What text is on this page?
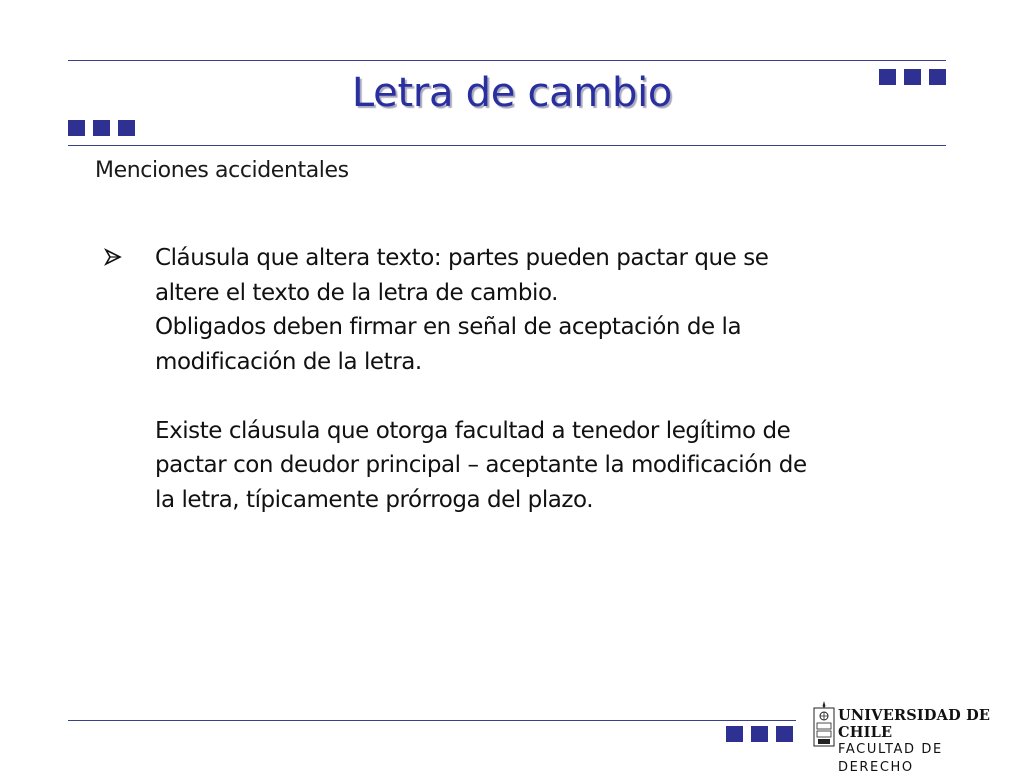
Letra de cambio
Menciones accidentales

Cláusula que altera texto: partes pueden pactar que se

altere el texto de la letra de cambio.

Obligados deben firmar en señal de aceptación de la

modificación de la letra.

Existe cláusula que otorga facultad a tenedor legítimo de

pactar con deudor principal – aceptante la modificación de

la letra, típicamente prórroga del plazo.

UNIVERSIDAD DE CHILE
FACULTAD DE DERECHO
